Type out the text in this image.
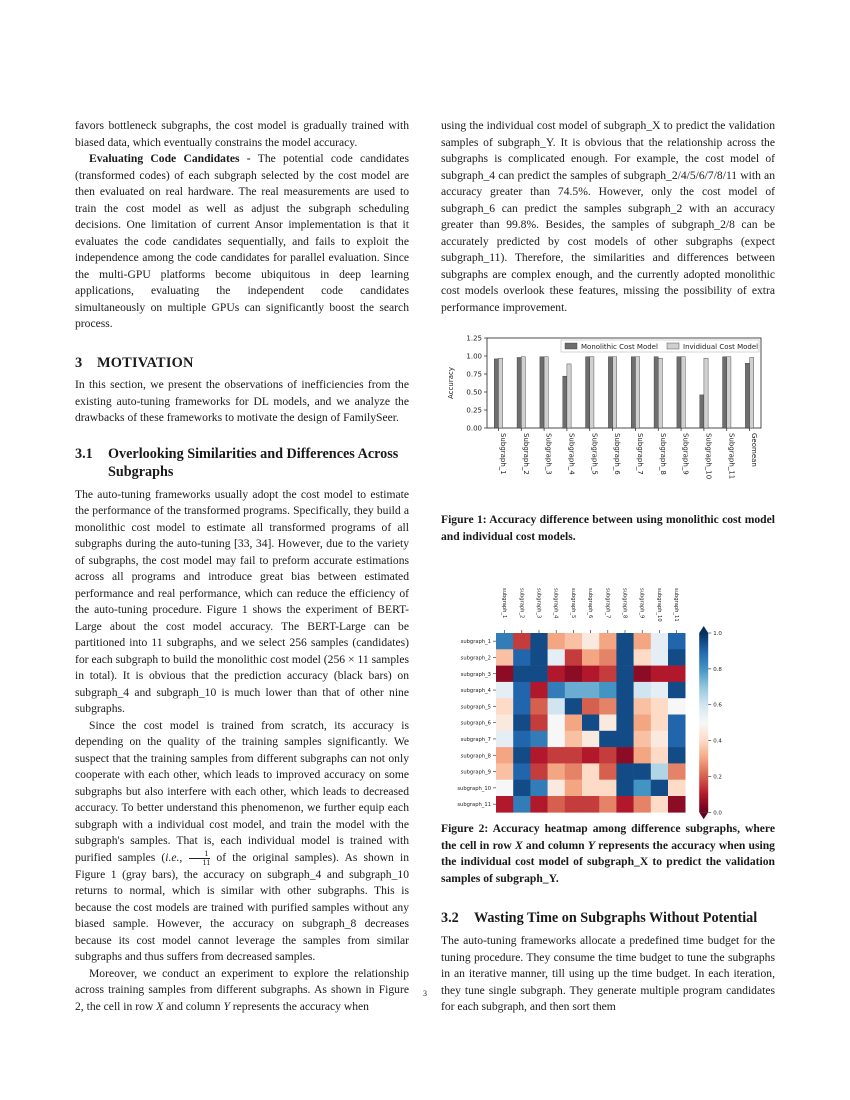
favors bottleneck subgraphs, the cost model is gradually trained with biased data, which eventually constrains the model accuracy.

Evaluating Code Candidates - The potential code candidates (transformed codes) of each subgraph selected by the cost model are then evaluated on real hardware. The real measurements are used to train the cost model as well as adjust the subgraph scheduling decisions. One limitation of current Ansor implementation is that it evaluates the code candidates sequentially, and fails to exploit the independence among the code candidates for parallel evaluation. Since the multi-GPU platforms become ubiquitous in deep learning applications, evaluating the independent code candidates simultaneously on multiple GPUs can significantly boost the search process.

3 MOTIVATION

In this section, we present the observations of inefficiencies from the existing auto-tuning frameworks for DL models, and we analyze the drawbacks of these frameworks to motivate the design of FamilySeer.

3.1 Overlooking Similarities and Differences Across Subgraphs

The auto-tuning frameworks usually adopt the cost model to estimate the performance of the transformed programs. Specifically, they build a monolithic cost model to estimate all transformed programs of all subgraphs during the auto-tuning [33, 34]. However, due to the variety of subgraphs, the cost model may fail to preform accurate estimations across all programs and introduce great bias between estimated performance and real performance, which can reduce the efficiency of the auto-tuning procedure. Figure 1 shows the experiment of BERT-Large about the cost model accuracy. The BERT-Large can be partitioned into 11 subgraphs, and we select 256 samples (candidates) for each subgraph to build the monolithic cost model (256 × 11 samples in total). It is obvious that the prediction accuracy (black bars) on subgraph_4 and subgraph_10 is much lower than that of other nine subgraphs.

Since the cost model is trained from scratch, its accuracy is depending on the quality of the training samples significantly. We suspect that the training samples from different subgraphs can not only cooperate with each other, which leads to improved accuracy on some subgraphs but also interfere with each other, which leads to decreased accuracy. To better understand this phenomenon, we further equip each subgraph with a individual cost model, and train the model with the subgraph's samples. That is, each individual model is trained with purified samples (i.e., $\frac{1}{11}$ of the original samples). As shown in Figure 1 (gray bars), the accuracy on subgraph_4 and subgraph_10 returns to normal, which is similar with other subgraphs. This is because the cost models are trained with purified samples without any biased sample. However, the accuracy on subgraph_8 decreases because its cost model cannot leverage the samples from similar subgraphs and thus suffers from decreased samples.

Moreover, we conduct an experiment to explore the relationship across training samples from different subgraphs. As shown in Figure 2, the cell in row X and column Y represents the accuracy when

using the individual cost model of subgraph_X to predict the validation samples of subgraph_Y. It is obvious that the relationship across the subgraphs is complicated enough. For example, the cost model of subgraph_4 can predict the samples of subgraph_2/4/5/6/7/8/11 with an accuracy greater than 74.5%. However, only the cost model of subgraph_6 can predict the samples subgraph_2 with an accuracy greater than 99.8%. Besides, the samples of subgraph_2/8 can be accurately predicted by cost models of other subgraphs (expect subgraph_11). Therefore, the similarities and differences between subgraphs are complex enough, and the currently adopted monolithic cost models overlook these features, missing the possibility of extra performance improvement.

0.00
0.25
0.50
0.75
1.00
1.25
Accuracy
Subgraph_1 Subgraph_2 Subgraph_3 Subgraph_4 Subgraph_5 Subgraph_6 Subgraph_7 Subgraph_8 Subgraph_9 Subgraph_10 Subgraph_11 Geomean
Monolithic Cost Model	Invididual Cost Model

Figure 1: Accuracy difference between using monolithic cost model and individual cost models.

subgraph_1
subgraph_2
subgraph_3
subgraph_4
subgraph_5
subgraph_6
subgraph_7
subgraph_8
subgraph_9
subgraph_10
subgraph_11
subgraph_1 subgraph_2 subgraph_3 subgraph_4 subgraph_5 subgraph_6 subgraph_7 subgraph_8 subgraph_9 subgraph_10 subgraph_11
0.0
0.2
0.4
0.6
0.8
1.0

Figure 2: Accuracy heatmap among difference subgraphs, where the cell in row X and column Y represents the accuracy when using the individual cost model of subgraph_X to predict the validation samples of subgraph_Y.

3.2 Wasting Time on Subgraphs Without Potential

The auto-tuning frameworks allocate a predefined time budget for the tuning procedure. They consume the time budget to tune the subgraphs in an iterative manner, till using up the time budget. In each iteration, they tune single subgraph. They generate multiple program candidates for each subgraph, and then sort them

3
